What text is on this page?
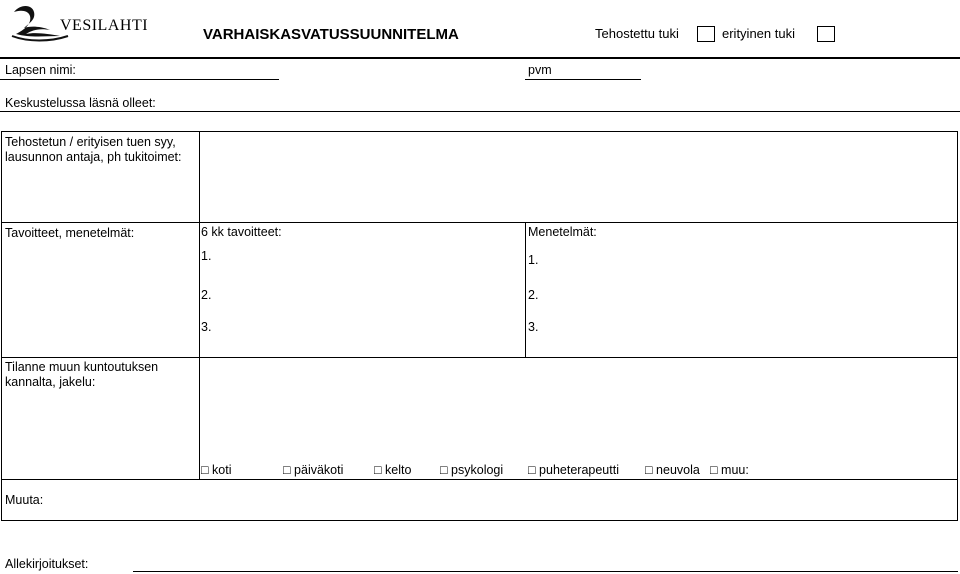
VESILAHTI
VARHAISKASVATUSSUUNNITELMA	Tehostettu tuki	erityinen tuki
Lapsen nimi:	pvm
Keskustelussa läsnä olleet:
Tehostetun / erityisen tuen syy,
lausunnon antaja, ph tukitoimet:
Tavoitteet, menetelmät:	6 kk tavoitteet:
1.
2.
3.
Menetelmät:
1.
2.
3.
Tilanne muun kuntoutuksen
kannalta, jakelu:
□ koti	□ päiväkoti □ kelto □ psykologi □ puheterapeutti □ neuvola □ muu:
Muuta:
Allekirjoitukset:
